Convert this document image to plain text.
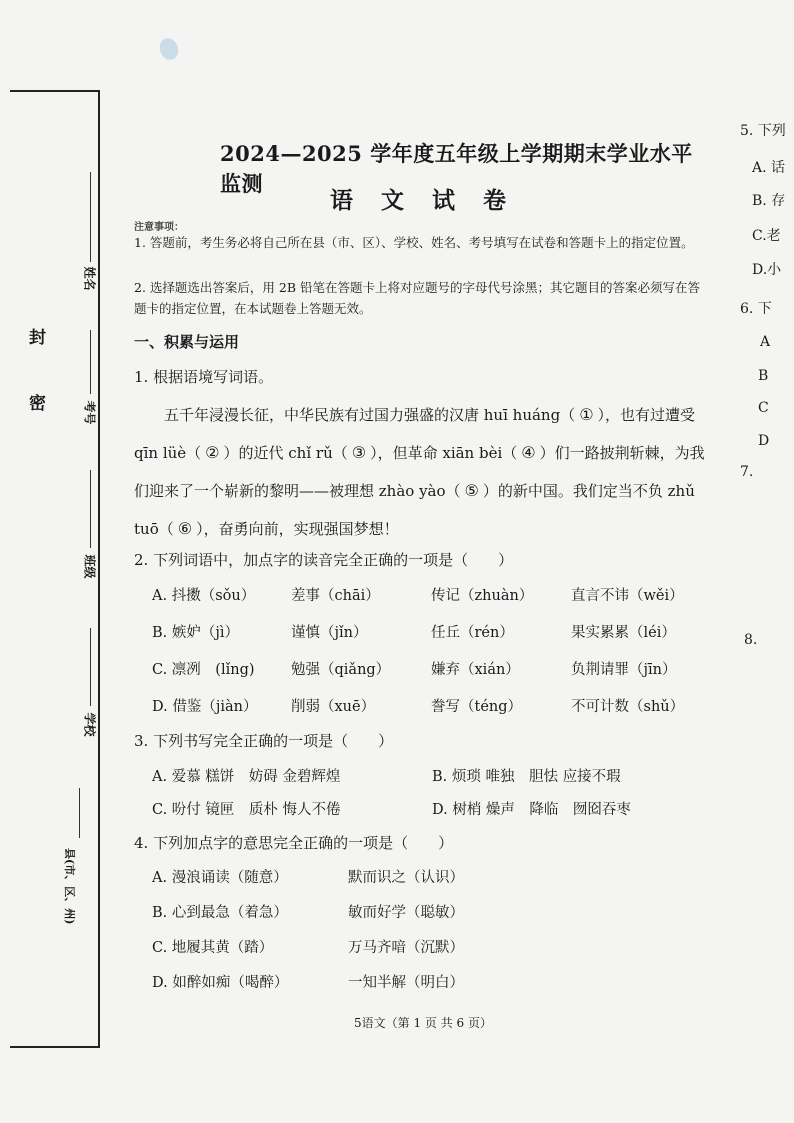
封
密
姓名
考号
班级
学校
县(市、区、州)
2024—2025 学年度五年级上学期期末学业水平监测
语 文 试 卷
注意事项：
1. 答题前，考生务必将自己所在县（市、区）、学校、姓名、考号填写在试卷和答题卡上的指定位置。
2. 选择题选出答案后，用 2B 铅笔在答题卡上将对应题号的字母代号涂黑；其它题目的答案必须写在答题卡的指定位置，在本试题卷上答题无效。
一、积累与运用
1. 根据语境写词语。
五千年浸漫长征，中华民族有过国力强盛的汉唐 huī huáng（ ① ），也有过遭受 qīn lüè（ ② ）的近代 chǐ rǔ（ ③ ），但革命 xiān bèi（ ④ ）们一路披荆斩棘，为我们迎来了一个崭新的黎明——被理想 zhào yào（ ⑤ ）的新中国。我们定当不负 zhǔ tuō（ ⑥ ），奋勇向前，实现强国梦想！
2. 下列词语中，加点字的读音完全正确的一项是（　　）
A. 抖擞（sǒu）	差事（chāi）	传记（zhuàn）	直言不讳（wěi）
B. 嫉妒（jì）	谨慎（jǐn）	任丘（rén）	果实累累（léi）
C. 凛冽　(lǐng)	勉强（qiǎng）	嫌弃（xián）	负荆请罪（jīn）
D. 借鉴（jiàn）	削弱（xuē）	誊写（téng）	不可计数（shǔ）
3. 下列书写完全正确的一项是（　　）
A. 爱慕 糕饼　妨碍 金碧辉煌	B. 烦琐 唯独　胆怯 应接不瑕
C. 吩付 镜匣　质朴 悔人不倦	D. 树梢 燥声　降临　囫囵吞枣
4. 下列加点字的意思完全正确的一项是（　　）
A. 漫浪诵读（随意）	默而识之（认识）
B. 心到最急（着急）	敏而好学（聪敏）
C. 地履其黄（踏）	万马齐喑（沉默）
D. 如醉如痴（喝醉）	一知半解（明白）
5语文（第 1 页 共 6 页）
5. 下列
A. 话
B. 存
C.老
D.小
6. 下
A
B
C
D
7.
8.
